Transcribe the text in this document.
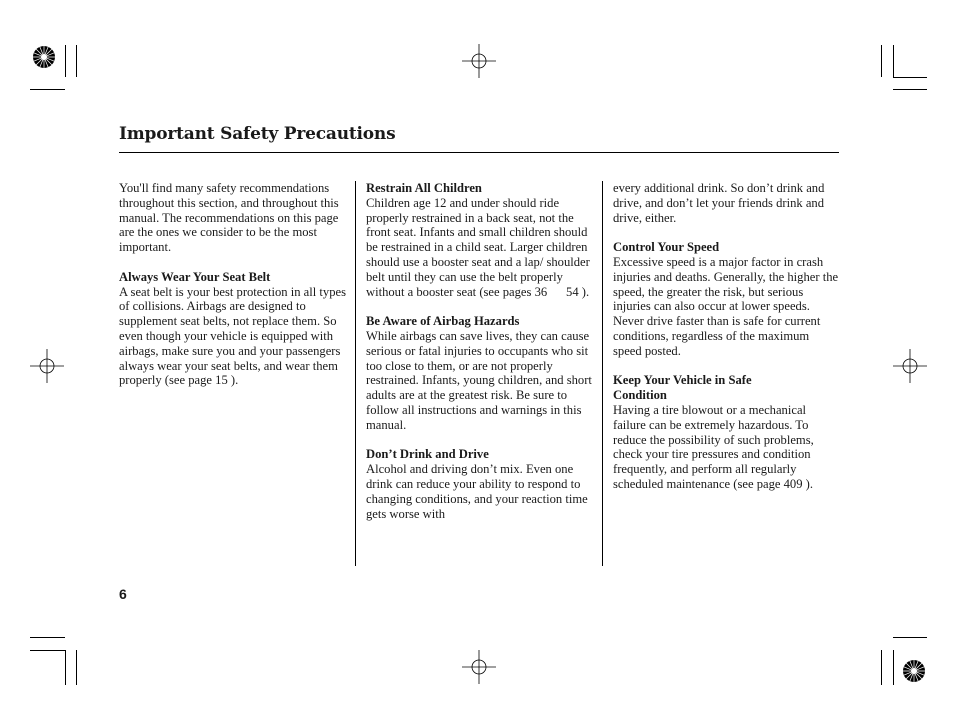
Important Safety Precautions

You'll find many safety recommendations throughout this section, and throughout this manual. The recommendations on this page are the ones we consider to be the most important.

Always Wear Your Seat Belt
A seat belt is your best protection in all types of collisions. Airbags are designed to supplement seat belts, not replace them. So even though your vehicle is equipped with airbags, make sure you and your passengers always wear your seat belts, and wear them properly (see page 15 ).

Restrain All Children
Children age 12 and under should ride properly restrained in a back seat, not the front seat. Infants and small children should be restrained in a child seat. Larger children should use a booster seat and a lap/ shoulder belt until they can use the belt properly without a booster seat (see pages 36      54 ).

Be Aware of Airbag Hazards
While airbags can save lives, they can cause serious or fatal injuries to occupants who sit too close to them, or are not properly restrained. Infants, young children, and short adults are at the greatest risk. Be sure to follow all instructions and warnings in this manual.

Don’t Drink and Drive
Alcohol and driving don’t mix. Even one drink can reduce your ability to respond to changing conditions, and your reaction time gets worse with

every additional drink. So don’t drink and drive, and don’t let your friends drink and drive, either.

Control Your Speed
Excessive speed is a major factor in crash injuries and deaths. Generally, the higher the speed, the greater the risk, but serious injuries can also occur at lower speeds. Never drive faster than is safe for current conditions, regardless of the maximum speed posted.

Keep Your Vehicle in Safe Condition
Having a tire blowout or a mechanical failure can be extremely hazardous. To reduce the possibility of such problems, check your tire pressures and condition frequently, and perform all regularly scheduled maintenance (see page 409 ).

6
